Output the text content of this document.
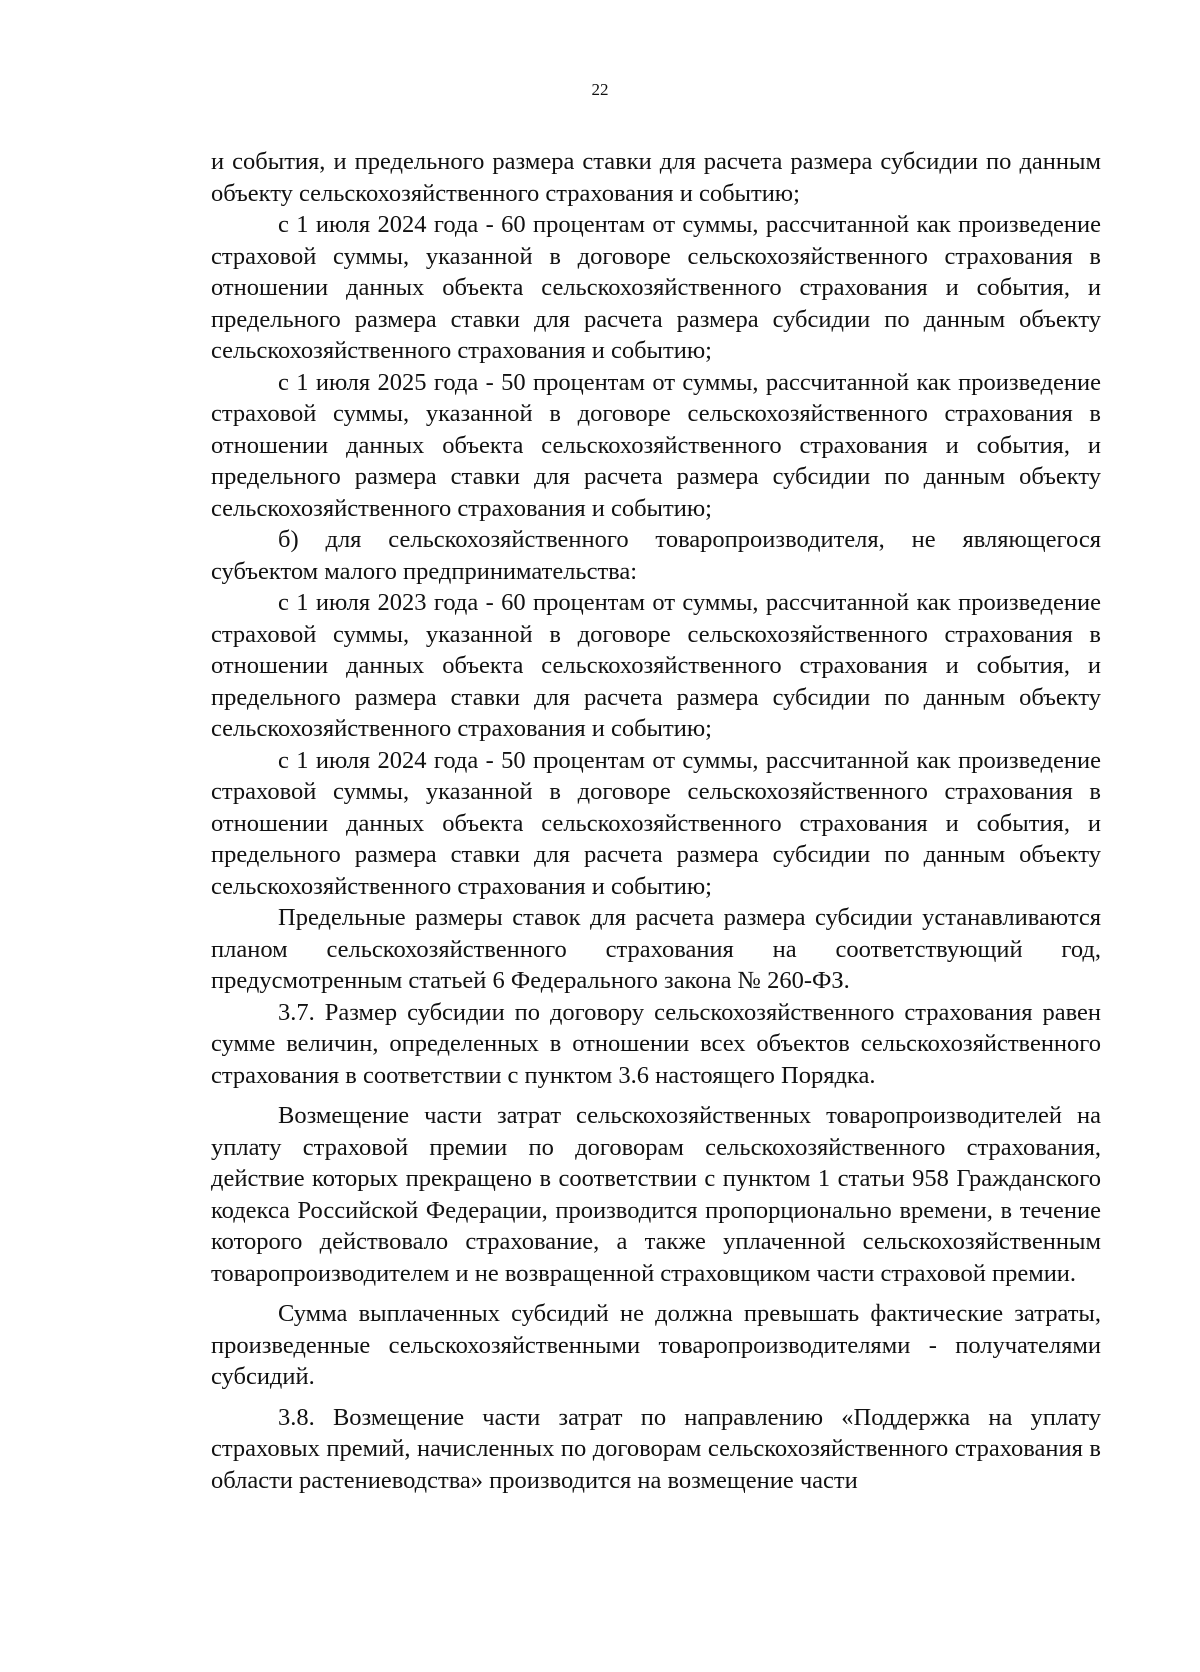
22

и события, и предельного размера ставки для расчета размера субсидии по данным объекту сельскохозяйственного страхования и событию;

с 1 июля 2024 года - 60 процентам от суммы, рассчитанной как произведение страховой суммы, указанной в договоре сельскохозяйственного страхования в отношении данных объекта сельскохозяйственного страхования и события, и предельного размера ставки для расчета размера субсидии по данным объекту сельскохозяйственного страхования и событию;

с 1 июля 2025 года - 50 процентам от суммы, рассчитанной как произведение страховой суммы, указанной в договоре сельскохозяйственного страхования в отношении данных объекта сельскохозяйственного страхования и события, и предельного размера ставки для расчета размера субсидии по данным объекту сельскохозяйственного страхования и событию;

б) для сельскохозяйственного товаропроизводителя, не являющегося субъектом малого предпринимательства:

с 1 июля 2023 года - 60 процентам от суммы, рассчитанной как произведение страховой суммы, указанной в договоре сельскохозяйственного страхования в отношении данных объекта сельскохозяйственного страхования и события, и предельного размера ставки для расчета размера субсидии по данным объекту сельскохозяйственного страхования и событию;

с 1 июля 2024 года - 50 процентам от суммы, рассчитанной как произведение страховой суммы, указанной в договоре сельскохозяйственного страхования в отношении данных объекта сельскохозяйственного страхования и события, и предельного размера ставки для расчета размера субсидии по данным объекту сельскохозяйственного страхования и событию;

Предельные размеры ставок для расчета размера субсидии устанавливаются планом сельскохозяйственного страхования на соответствующий год, предусмотренным статьей 6 Федерального закона № 260-ФЗ.

3.7. Размер субсидии по договору сельскохозяйственного страхования равен сумме величин, определенных в отношении всех объектов сельскохозяйственного страхования в соответствии с пунктом 3.6 настоящего Порядка.

Возмещение части затрат сельскохозяйственных товаропроизводителей на уплату страховой премии по договорам сельскохозяйственного страхования, действие которых прекращено в соответствии с пунктом 1 статьи 958 Гражданского кодекса Российской Федерации, производится пропорционально времени, в течение которого действовало страхование, а также уплаченной сельскохозяйственным товаропроизводителем и не возвращенной страховщиком части страховой премии.

Сумма выплаченных субсидий не должна превышать фактические затраты, произведенные сельскохозяйственными товаропроизводителями - получателями субсидий.

3.8. Возмещение части затрат по направлению «Поддержка на уплату страховых премий, начисленных по договорам сельскохозяйственного страхования в области растениеводства» производится на возмещение части
